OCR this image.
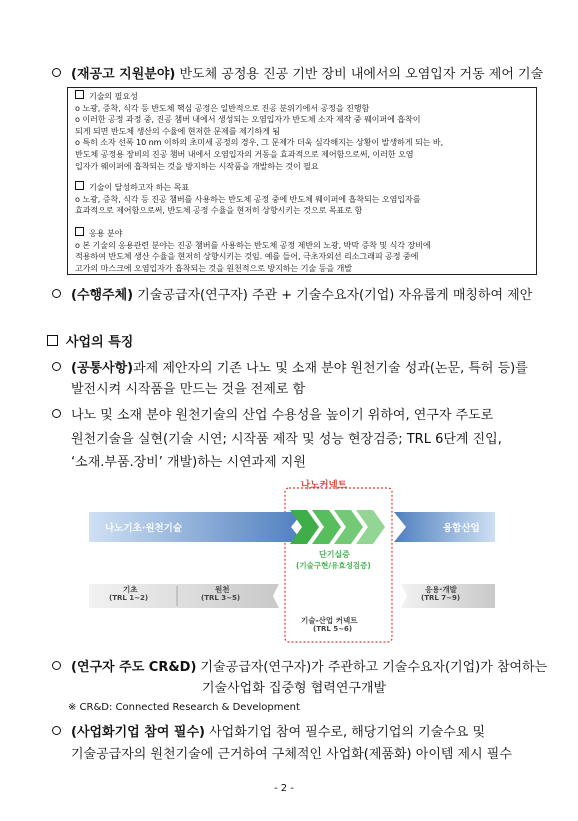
(재공고 지원분야) 반도체 공정용 진공 기반 장비 내에서의 오염입자 거동 제어 기술
기술의 필요성
o 노광, 증착, 식각 등 반도체 핵심 공정은 일반적으로 진공 분위기에서 공정을 진행함
o 이러한 공정 과정 중, 진공 챔버 내에서 생성되는 오염입자가 반도체 소자 제작 중 웨이퍼에 흡착이
되게 되면 반도체 생산의 수율에 현저한 문제를 제기하게 됨
o 특히 소자 선폭 10 nm 이하의 초미세 공정의 경우, 그 문제가 더욱 심각해지는 상황이 발생하게 되는 바,
반도체 공정용 장비의 진공 챔버 내에서 오염입자의 거동을 효과적으로 제어함으로써, 이러한 오염
입자가 웨이퍼에 흡착되는 것을 방지하는 시작품을 개발하는 것이 필요
기술이 달성하고자 하는 목표
o 노광, 증착, 식각 등 진공 챔버를 사용하는 반도체 공정 중에 반도체 웨이퍼에 흡착되는 오염입자를
효과적으로 제어함으로써, 반도체 공정 수율을 현저히 상향시키는 것으로 목표로 함
응용 분야
o 본 기술의 응용관련 분야는 진공 챔버를 사용하는 반도체 공정 제반의 노광, 박막 증착 및 식각 장비에
적용하여 반도체 생산 수율을 현저히 상향시키는 것임. 예를 들어, 극초자외선 리소그래피 공정 중에
고가의 마스크에 오염입자가 흡착되는 것을 원천적으로 방지하는 기술 등을 개발
(수행주체) 기술공급자(연구자) 주관 + 기술수요자(기업) 자유롭게 매칭하여 제안
사업의 특징
(공통사항)과제 제안자의 기존 나노 및 소재 분야 원천기술 성과(논문, 특허 등)를
발전시켜 시작품을 만드는 것을 전제로 함
나노 및 소재 분야 원천기술의 산업 수용성을 높이기 위하여, 연구자 주도로
원천기술을 실현(기술 시연; 시작품 제작 및 성능 현장검증; TRL 6단계 진입,
‘소재.부품.장비’ 개발)하는 시연과제 지원
나노커넥트
나노기초·원천기술	융합산업
단기실증
(기술구현/유효성검증)
기초
(TRL 1~2)
원천
(TRL 3~5)
기술-산업 커넥트
(TRL 5~6)
응용·개발
(TRL 7~9)
(연구자 주도 CR&D) 기술공급자(연구자)가 주관하고 기술수요자(기업)가 참여하는
기술사업화 집중형 협력연구개발
※ CR&D: Connected Research & Development
(사업화기업 참여 필수) 사업화기업 참여 필수로, 해당기업의 기술수요 및
기술공급자의 원천기술에 근거하여 구체적인 사업화(제품화) 아이템 제시 필수
- 2 -
